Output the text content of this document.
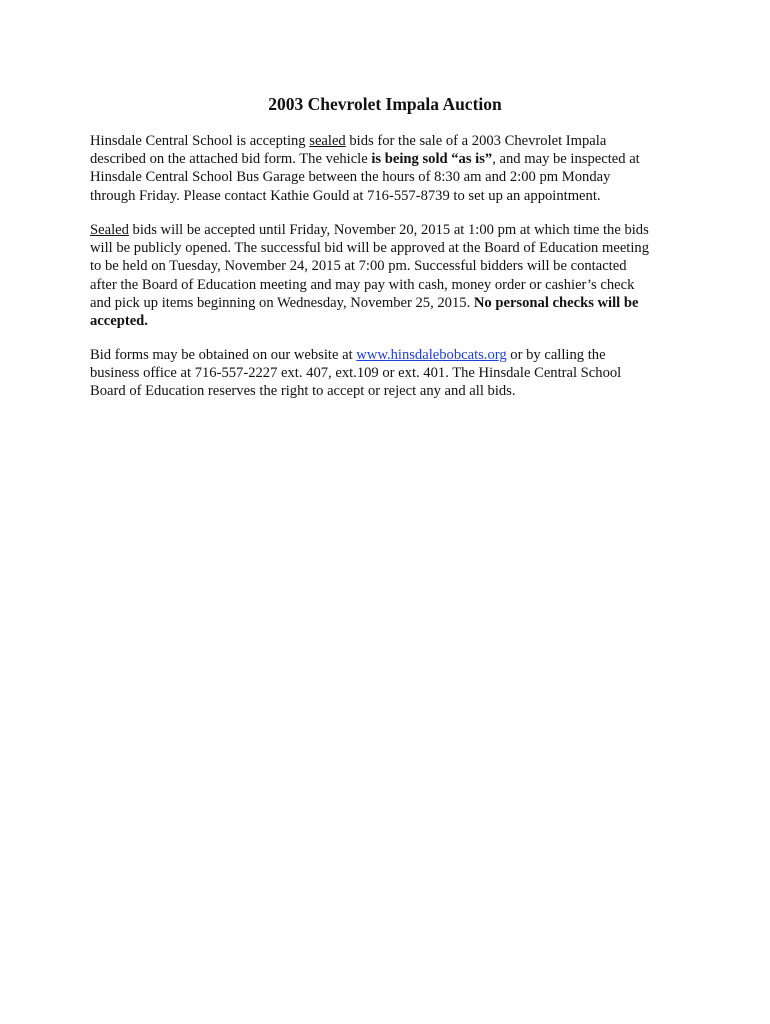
2003 Chevrolet Impala Auction

Hinsdale Central School is accepting sealed bids for the sale of a 2003 Chevrolet Impala
described on the attached bid form. The vehicle is being sold “as is”, and may be inspected at
Hinsdale Central School Bus Garage between the hours of 8:30 am and 2:00 pm Monday
through Friday. Please contact Kathie Gould at 716-557-8739 to set up an appointment.

Sealed bids will be accepted until Friday, November 20, 2015 at 1:00 pm at which time the bids
will be publicly opened. The successful bid will be approved at the Board of Education meeting
to be held on Tuesday, November 24, 2015 at 7:00 pm. Successful bidders will be contacted
after the Board of Education meeting and may pay with cash, money order or cashier’s check
and pick up items beginning on Wednesday, November 25, 2015. No personal checks will be
accepted.

Bid forms may be obtained on our website at www.hinsdalebobcats.org or by calling the
business office at 716-557-2227 ext. 407, ext.109 or ext. 401. The Hinsdale Central School
Board of Education reserves the right to accept or reject any and all bids.
